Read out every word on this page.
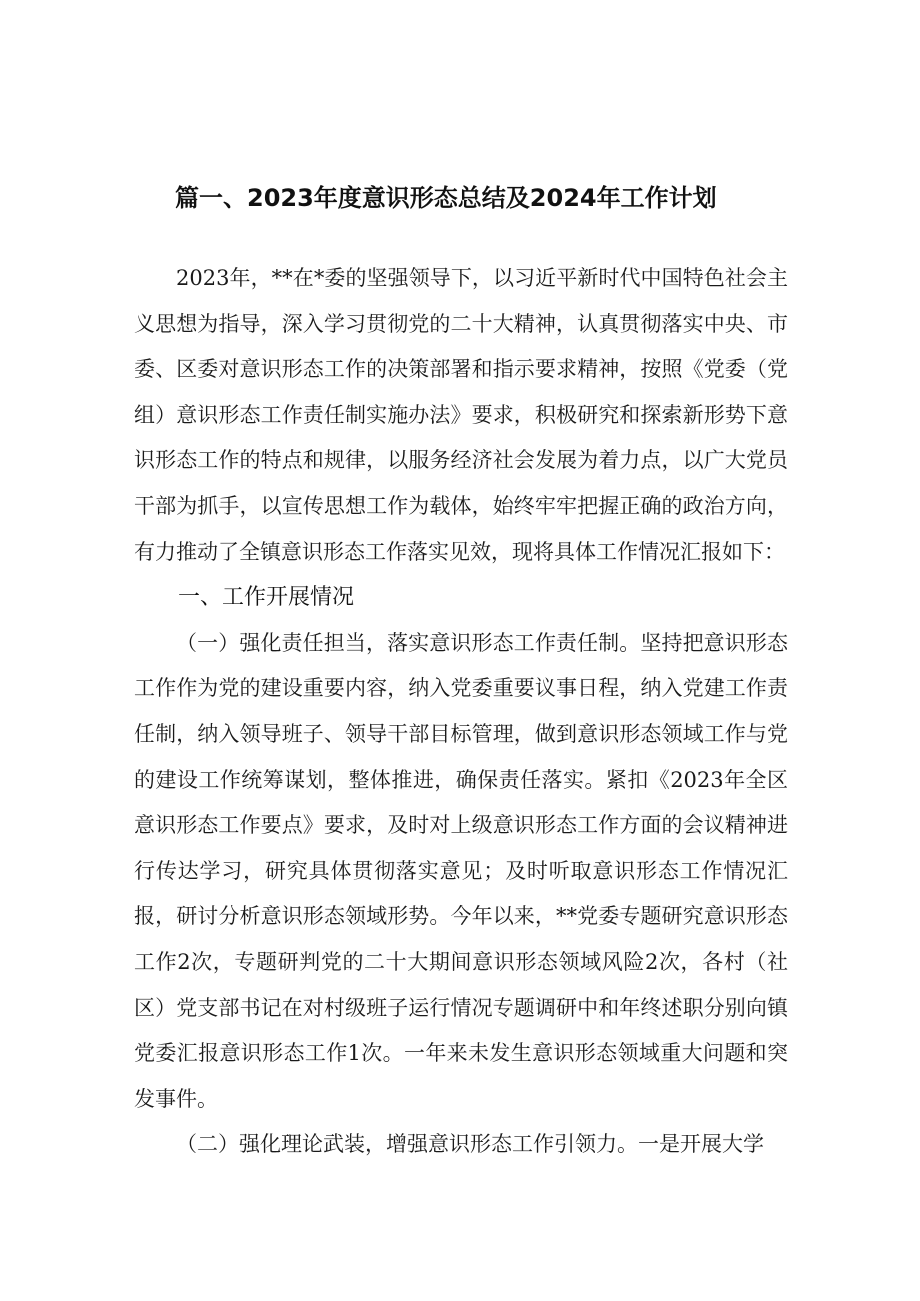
篇一、2023年度意识形态总结及2024年工作计划

2023年，**在*委的坚强领导下，以习近平新时代中国特色社会主义思想为指导，深入学习贯彻党的二十大精神，认真贯彻落实中央、市委、区委对意识形态工作的决策部署和指示要求精神，按照《党委（党组）意识形态工作责任制实施办法》要求，积极研究和探索新形势下意识形态工作的特点和规律，以服务经济社会发展为着力点，以广大党员干部为抓手，以宣传思想工作为载体，始终牢牢把握正确的政治方向，有力推动了全镇意识形态工作落实见效，现将具体工作情况汇报如下：

一、工作开展情况

（一）强化责任担当，落实意识形态工作责任制。坚持把意识形态工作作为党的建设重要内容，纳入党委重要议事日程，纳入党建工作责任制，纳入领导班子、领导干部目标管理，做到意识形态领域工作与党的建设工作统筹谋划，整体推进，确保责任落实。紧扣《2023年全区意识形态工作要点》要求，及时对上级意识形态工作方面的会议精神进行传达学习，研究具体贯彻落实意见；及时听取意识形态工作情况汇报，研讨分析意识形态领域形势。今年以来，**党委专题研究意识形态工作2次，专题研判党的二十大期间意识形态领域风险2次，各村（社区）党支部书记在对村级班子运行情况专题调研中和年终述职分别向镇党委汇报意识形态工作1次。一年来未发生意识形态领域重大问题和突发事件。

（二）强化理论武装，增强意识形态工作引领力。一是开展大学
